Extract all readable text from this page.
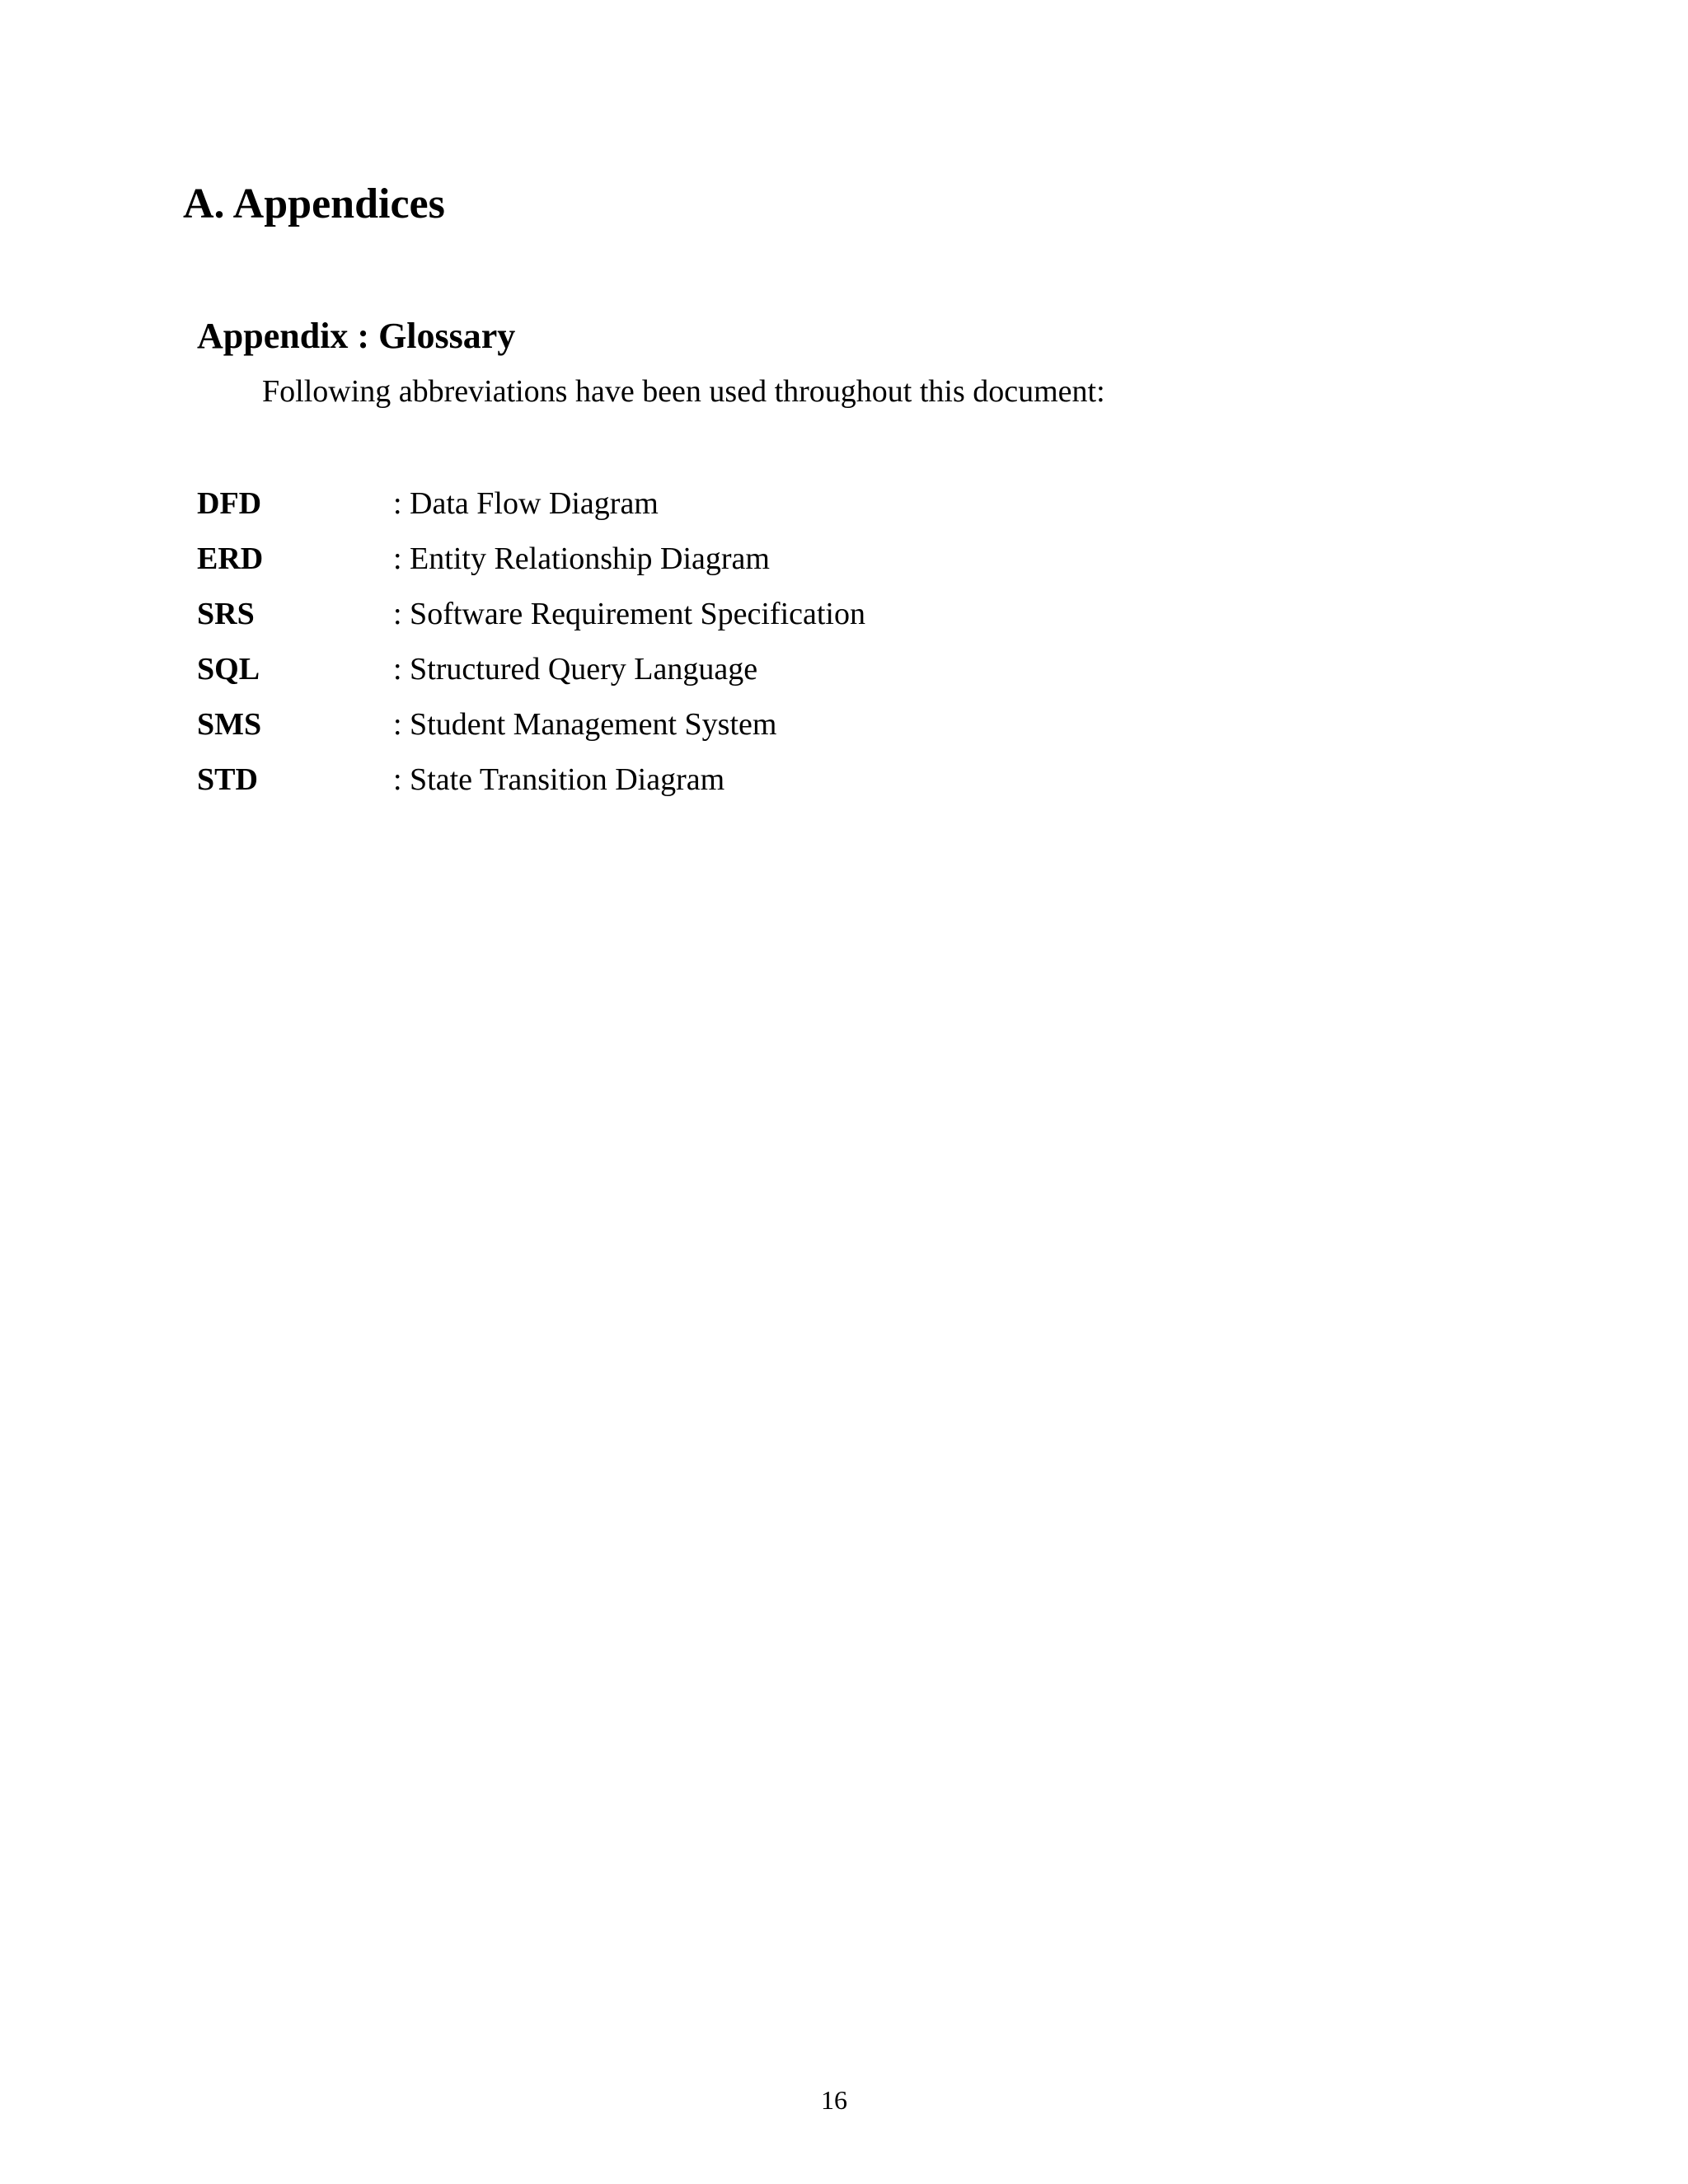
A. Appendices
Appendix : Glossary

Following abbreviations have been used throughout this document:

DFD	: Data Flow Diagram
ERD	: Entity Relationship Diagram
SRS	: Software Requirement Specification
SQL	: Structured Query Language
SMS	: Student Management System
STD	: State Transition Diagram
16
